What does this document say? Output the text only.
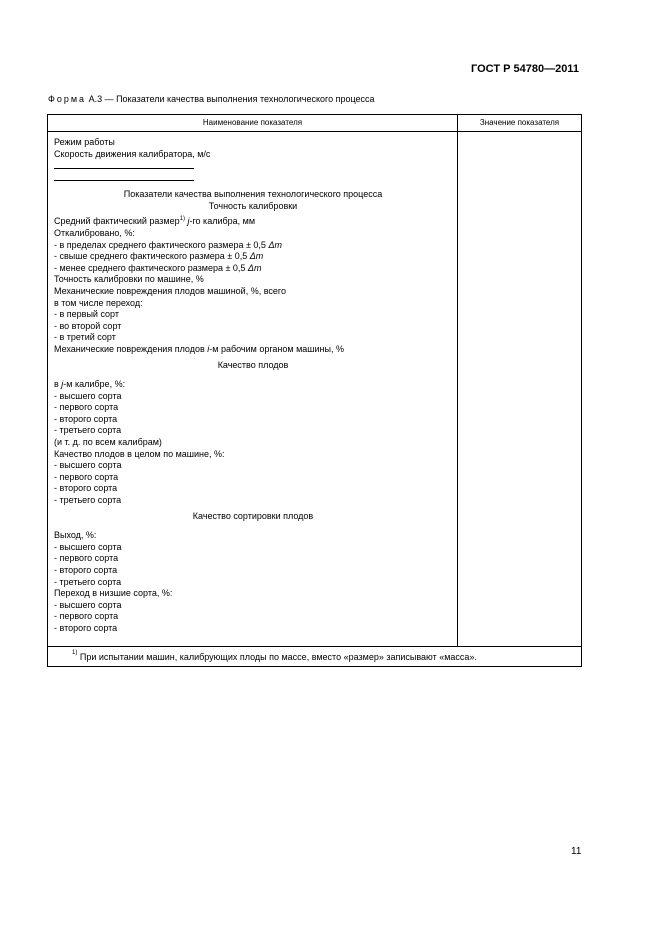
ГОСТ Р 54780—2011
Форма А.3 — Показатели качества выполнения технологического процесса
Наименование показателя	Значение показателя
Режим работы
Скорость движения калибратора, м/с
Показатели качества выполнения технологического процесса
Точность калибровки
Средний фактический размер$^{1)}$ j-го калибра, мм
Откалибровано, %:
- в пределах среднего фактического размера ± 0,5 Δm
- свыше среднего фактического размера ± 0,5 Δm
- менее среднего фактического размера ± 0,5 Δm
Точность калибровки по машине, %
Механические повреждения плодов машиной, %, всего
в том числе переход:
- в первый сорт
- во второй сорт
- в третий сорт
Механические повреждения плодов i-м рабочим органом машины, %
Качество плодов
в j-м калибре, %:
- высшего сорта
- первого сорта
- второго сорта
- третьего сорта
(и т. д. по всем калибрам)
Качество плодов в целом по машине, %:
- высшего сорта
- первого сорта
- второго сорта
- третьего сорта
Качество сортировки плодов
Выход, %:
- высшего сорта
- первого сорта
- второго сорта
- третьего сорта
Переход в низшие сорта, %:
- высшего сорта
- первого сорта
- второго сорта
$^{1)}$ При испытании машин, калибрующих плоды по массе, вместо «размер» записывают «масса».
11
